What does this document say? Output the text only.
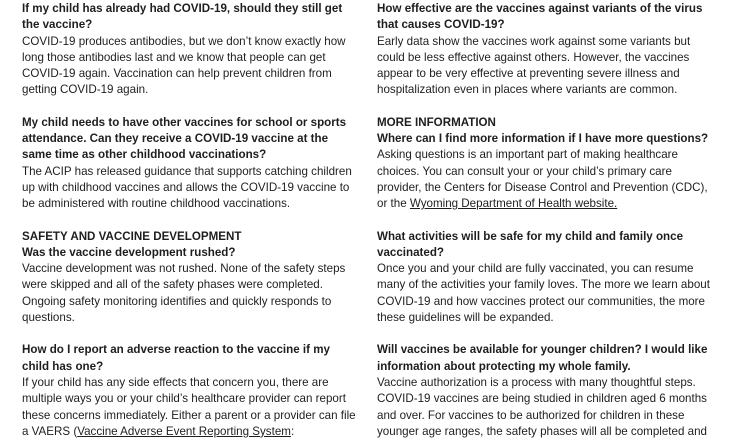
If my child has already had COVID-19, should they still get the vaccine?
COVID-19 produces antibodies, but we don’t know exactly how long those antibodies last and we know that people can get COVID-19 again. Vaccination can help prevent children from getting COVID-19 again.
My child needs to have other vaccines for school or sports attendance. Can they receive a COVID-19 vaccine at the same time as other childhood vaccinations?
The ACIP has released guidance that supports catching children up with childhood vaccines and allows the COVID-19 vaccine to be administered with routine childhood vaccinations.
SAFETY AND VACCINE DEVELOPMENT
Was the vaccine development rushed?
Vaccine development was not rushed. None of the safety steps were skipped and all of the safety phases were completed. Ongoing safety monitoring identifies and quickly responds to questions.
How do I report an adverse reaction to the vaccine if my child has one?
If your child has any side effects that concern you, there are multiple ways you or your child’s healthcare provider can report these concerns immediately. Either a parent or a provider can file a VAERS (Vaccine Adverse Event Reporting System:
How effective are the vaccines against variants of the virus that causes COVID-19?
Early data show the vaccines work against some variants but could be less effective against others. However, the vaccines appear to be very effective at preventing severe illness and hospitalization even in places where variants are common.
MORE INFORMATION
Where can I find more information if I have more questions?
Asking questions is an important part of making healthcare choices. You can consult your or your child’s primary care provider, the Centers for Disease Control and Prevention (CDC), or the Wyoming Department of Health website.
What activities will be safe for my child and family once vaccinated?
Once you and your child are fully vaccinated, you can resume many of the activities your family loves. The more we learn about COVID-19 and how vaccines protect our communities, the more these guidelines will be expanded.
Will vaccines be available for younger children? I would like information about protecting my whole family.
Vaccine authorization is a process with many thoughtful steps. COVID-19 vaccines are being studied in children aged 6 months and over. For vaccines to be authorized for children in these younger age ranges, the safety phases will all be completed and
